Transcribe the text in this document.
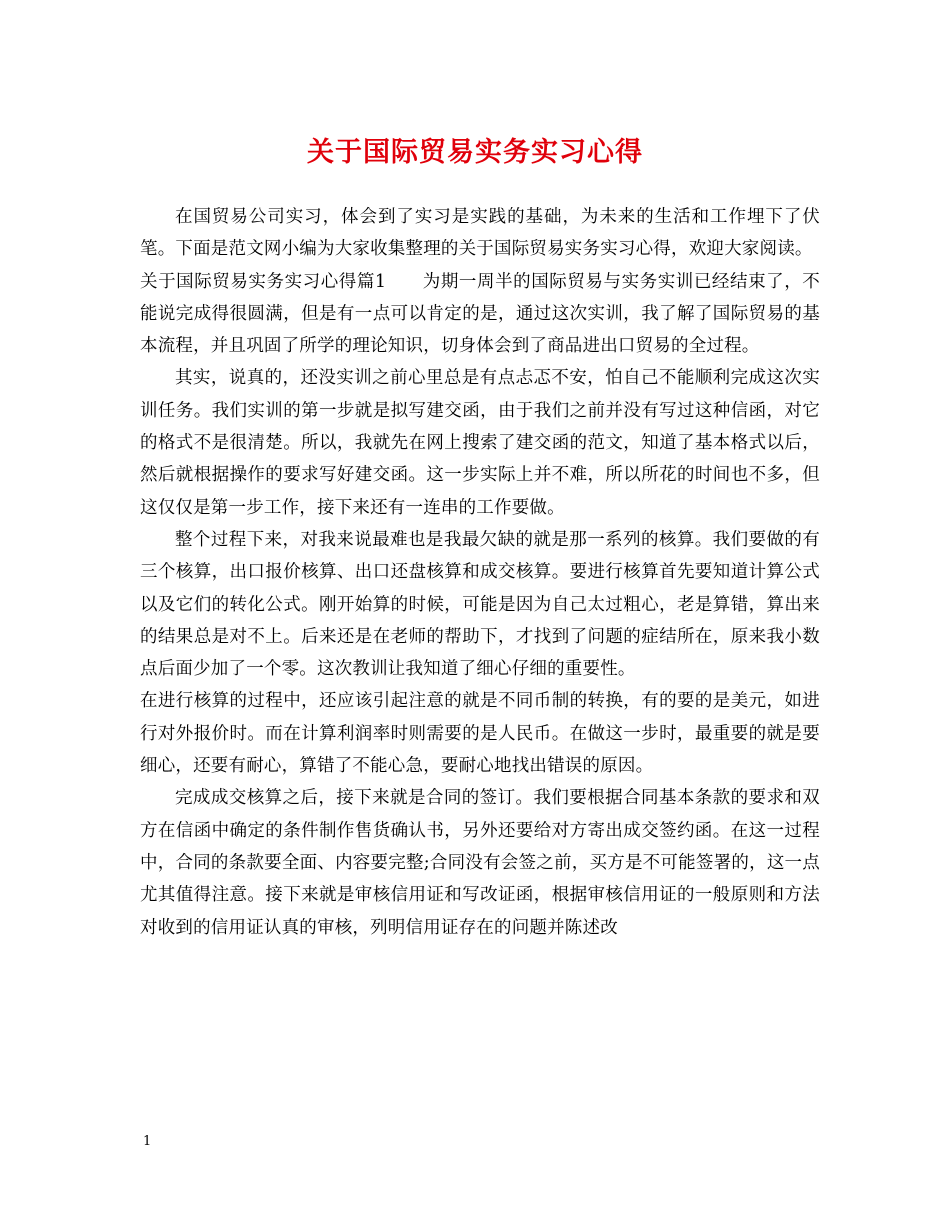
关于国际贸易实务实习心得

在国贸易公司实习，体会到了实习是实践的基础，为未来的生活和工作埋下了伏笔。下面是范文网小编为大家收集整理的关于国际贸易实务实习心得，欢迎大家阅读。

关于国际贸易实务实习心得篇1　　为期一周半的国际贸易与实务实训已经结束了，不能说完成得很圆满，但是有一点可以肯定的是，通过这次实训，我了解了国际贸易的基本流程，并且巩固了所学的理论知识，切身体会到了商品进出口贸易的全过程。

其实，说真的，还没实训之前心里总是有点忐忑不安，怕自己不能顺利完成这次实训任务。我们实训的第一步就是拟写建交函，由于我们之前并没有写过这种信函，对它的格式不是很清楚。所以，我就先在网上搜索了建交函的范文，知道了基本格式以后，然后就根据操作的要求写好建交函。这一步实际上并不难，所以所花的时间也不多，但这仅仅是第一步工作，接下来还有一连串的工作要做。

整个过程下来，对我来说最难也是我最欠缺的就是那一系列的核算。我们要做的有三个核算，出口报价核算、出口还盘核算和成交核算。要进行核算首先要知道计算公式以及它们的转化公式。刚开始算的时候，可能是因为自己太过粗心，老是算错，算出来的结果总是对不上。后来还是在老师的帮助下，才找到了问题的症结所在，原来我小数点后面少加了一个零。这次教训让我知道了细心仔细的重要性。

在进行核算的过程中，还应该引起注意的就是不同币制的转换，有的要的是美元，如进行对外报价时。而在计算利润率时则需要的是人民币。在做这一步时，最重要的就是要细心，还要有耐心，算错了不能心急，要耐心地找出错误的原因。

完成成交核算之后，接下来就是合同的签订。我们要根据合同基本条款的要求和双方在信函中确定的条件制作售货确认书，另外还要给对方寄出成交签约函。在这一过程中，合同的条款要全面、内容要完整;合同没有会签之前，买方是不可能签署的，这一点尤其值得注意。接下来就是审核信用证和写改证函，根据审核信用证的一般原则和方法对收到的信用证认真的审核，列明信用证存在的问题并陈述改

1
